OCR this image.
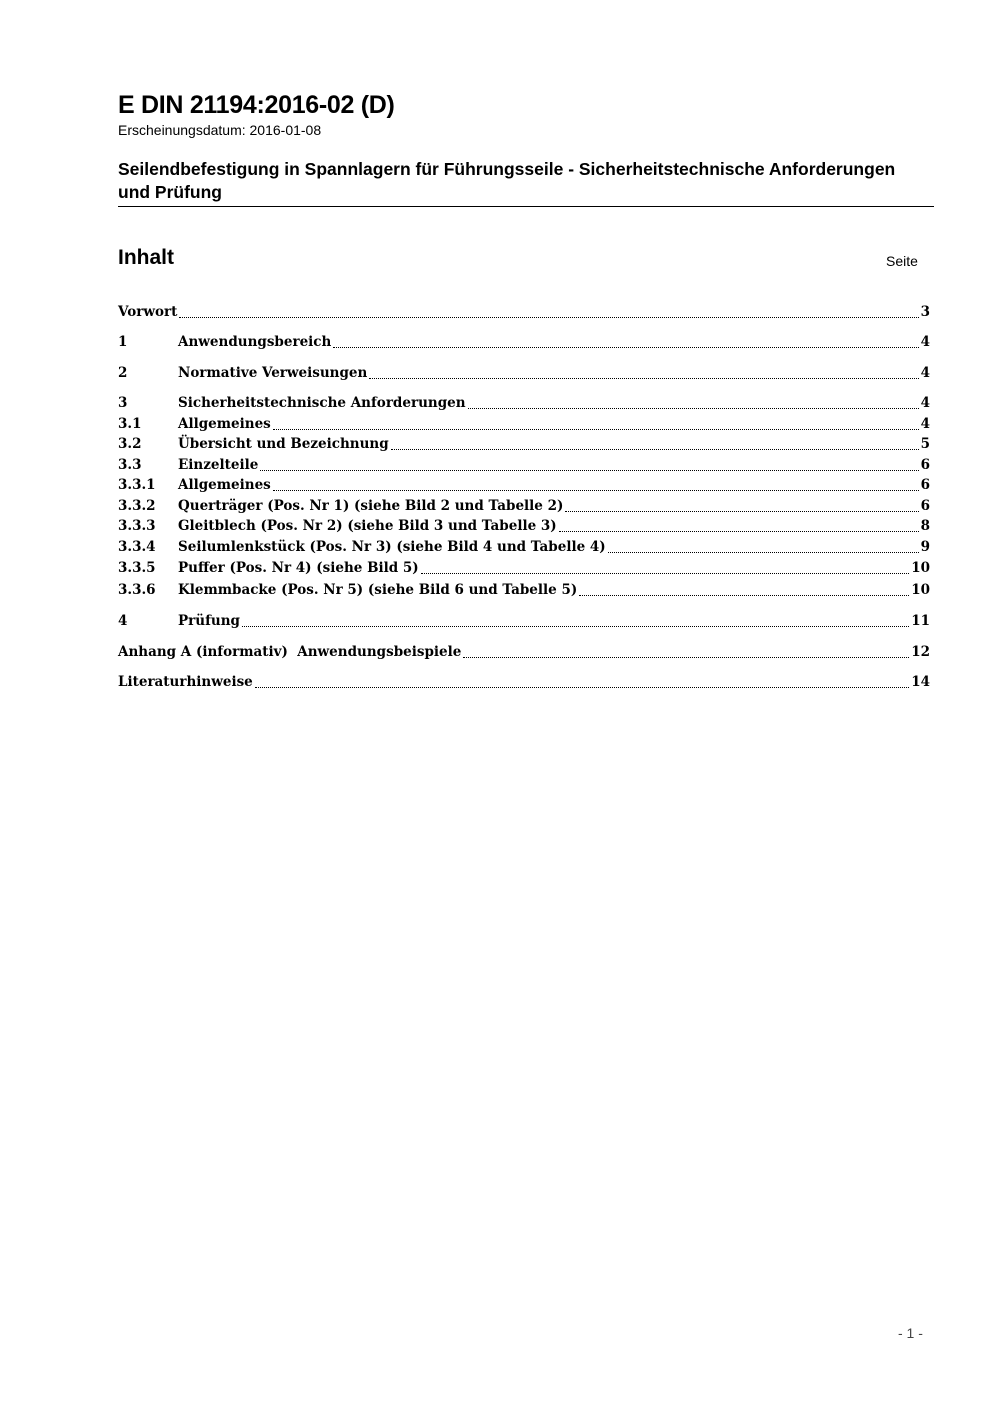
E DIN 21194:2016-02 (D)

Erscheinungsdatum: 2016-01-08

Seilendbefestigung in Spannlagern für Führungsseile - Sicherheitstechnische Anforderungen und Prüfung
Inhalt	Seite
Vorwort	3
1	Anwendungsbereich	4
2	Normative Verweisungen	4
3	Sicherheitstechnische Anforderungen	4
3.1	Allgemeines	4
3.2	Übersicht und Bezeichnung	5
3.3	Einzelteile	6
3.3.1	Allgemeines	6
3.3.2	Querträger (Pos. Nr 1) (siehe Bild 2 und Tabelle 2)	6
3.3.3	Gleitblech (Pos. Nr 2) (siehe Bild 3 und Tabelle 3)	8
3.3.4	Seilumlenkstück (Pos. Nr 3) (siehe Bild 4 und Tabelle 4)	9
3.3.5	Puffer (Pos. Nr 4) (siehe Bild 5)	10
3.3.6	Klemmbacke (Pos. Nr 5) (siehe Bild 6 und Tabelle 5)	10
4	Prüfung	11
Anhang A (informativ)  Anwendungsbeispiele	12
Literaturhinweise	14
- 1 -
